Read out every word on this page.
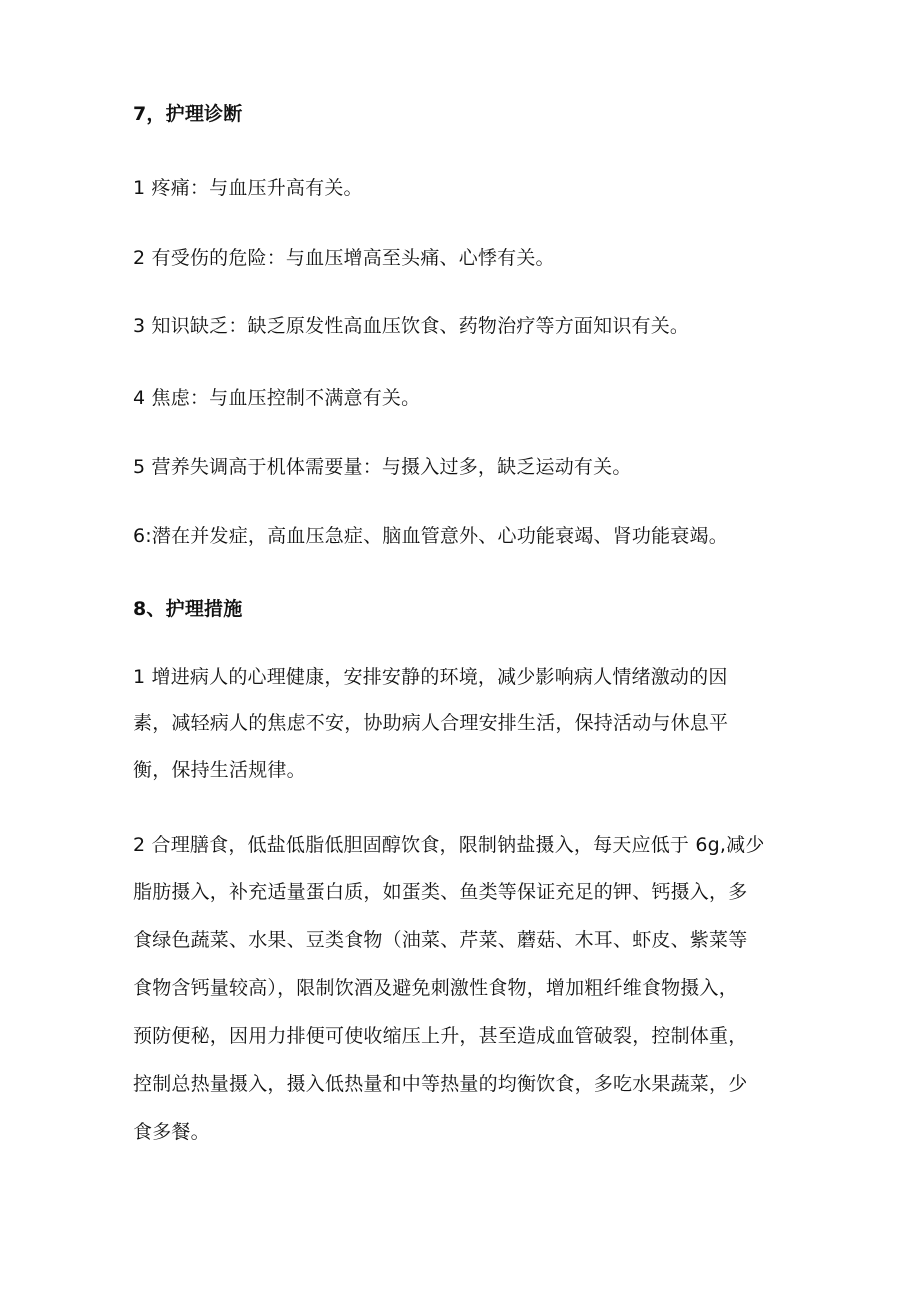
7，护理诊断
1 疼痛：与血压升高有关。
2 有受伤的危险：与血压增高至头痛、心悸有关。
3 知识缺乏：缺乏原发性高血压饮食、药物治疗等方面知识有关。
4 焦虑：与血压控制不满意有关。
5 营养失调高于机体需要量：与摄入过多，缺乏运动有关。
6:潜在并发症，高血压急症、脑血管意外、心功能衰竭、肾功能衰竭。
8、护理措施
1 增进病人的心理健康，安排安静的环境，减少影响病人情绪激动的因
素，减轻病人的焦虑不安，协助病人合理安排生活，保持活动与休息平
衡，保持生活规律。
2 合理膳食，低盐低脂低胆固醇饮食，限制钠盐摄入，每天应低于 6g,减少
脂肪摄入，补充适量蛋白质，如蛋类、鱼类等保证充足的钾、钙摄入，多
食绿色蔬菜、水果、豆类食物（油菜、芹菜、蘑菇、木耳、虾皮、紫菜等
食物含钙量较高），限制饮酒及避免刺激性食物，增加粗纤维食物摄入，
预防便秘，因用力排便可使收缩压上升，甚至造成血管破裂，控制体重，
控制总热量摄入，摄入低热量和中等热量的均衡饮食，多吃水果蔬菜，少
食多餐。
